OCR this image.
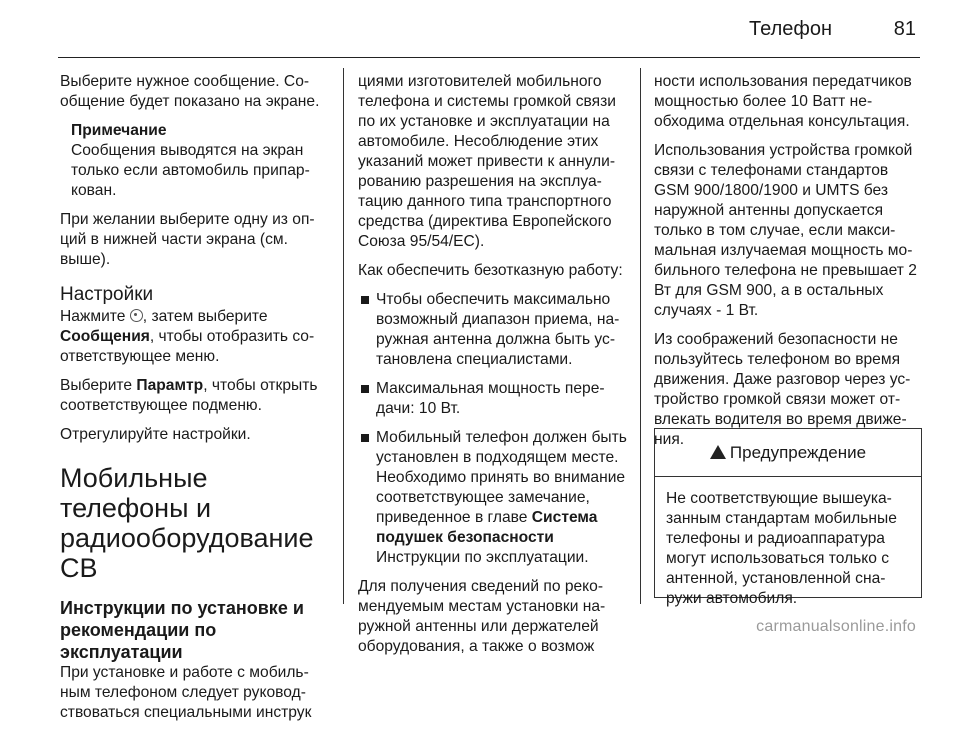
Телефон	81

Выберите нужное сообщение. Сообщение будет показано на экране.

Примечание
Сообщения выводятся на экран только если автомобиль припаркован.

При желании выберите одну из опций в нижней части экрана (см. выше).

Настройки

Нажмите , затем выберите Сообщения, чтобы отобразить соответствующее меню.

Выберите Парамтр, чтобы открыть соответствующее подменю.

Отрегулируйте настройки.

Мобильные телефоны и радиооборудование CB
Инструкции по установке и рекомендации по эксплуатации

При установке и работе с мобильным телефоном следует руководствоваться специальными инструк

циями изготовителей мобильного телефона и системы громкой связи по их установке и эксплуатации на автомобиле. Несоблюдение этих указаний может привести к аннулированию разрешения на эксплуатацию данного типа транспортного средства (директива Европейского Союза 95/54/EC).

Как обеспечить безотказную работу:

Чтобы обеспечить максимально возможный диапазон приема, наружная антенна должна быть установлена специалистами.
Максимальная мощность передачи: 10 Вт.
Мобильный телефон должен быть установлен в подходящем месте. Необходимо принять во внимание соответствующее замечание, приведенное в главе Система подушек безопасности Инструкции по эксплуатации.

Для получения сведений по рекомендуемым местам установки наружной антенны или держателей оборудования, а также о возмож

ности использования передатчиков мощностью более 10 Ватт необходима отдельная консультация.

Использования устройства громкой связи с телефонами стандартов GSM 900/1800/1900 и UMTS без наружной антенны допускается только в том случае, если максимальная излучаемая мощность мобильного телефона не превышает 2 Вт для GSM 900, а в остальных случаях - 1 Вт.

Из соображений безопасности не пользуйтесь телефоном во время движения. Даже разговор через устройство громкой связи может отвлекать водителя во время движения.

Предупреждение
Не соответствующие вышеуказанным стандартам мобильные телефоны и радиоаппаратура могут использоваться только с антенной, установленной снаружи автомобиля.
carmanualsonline.info
